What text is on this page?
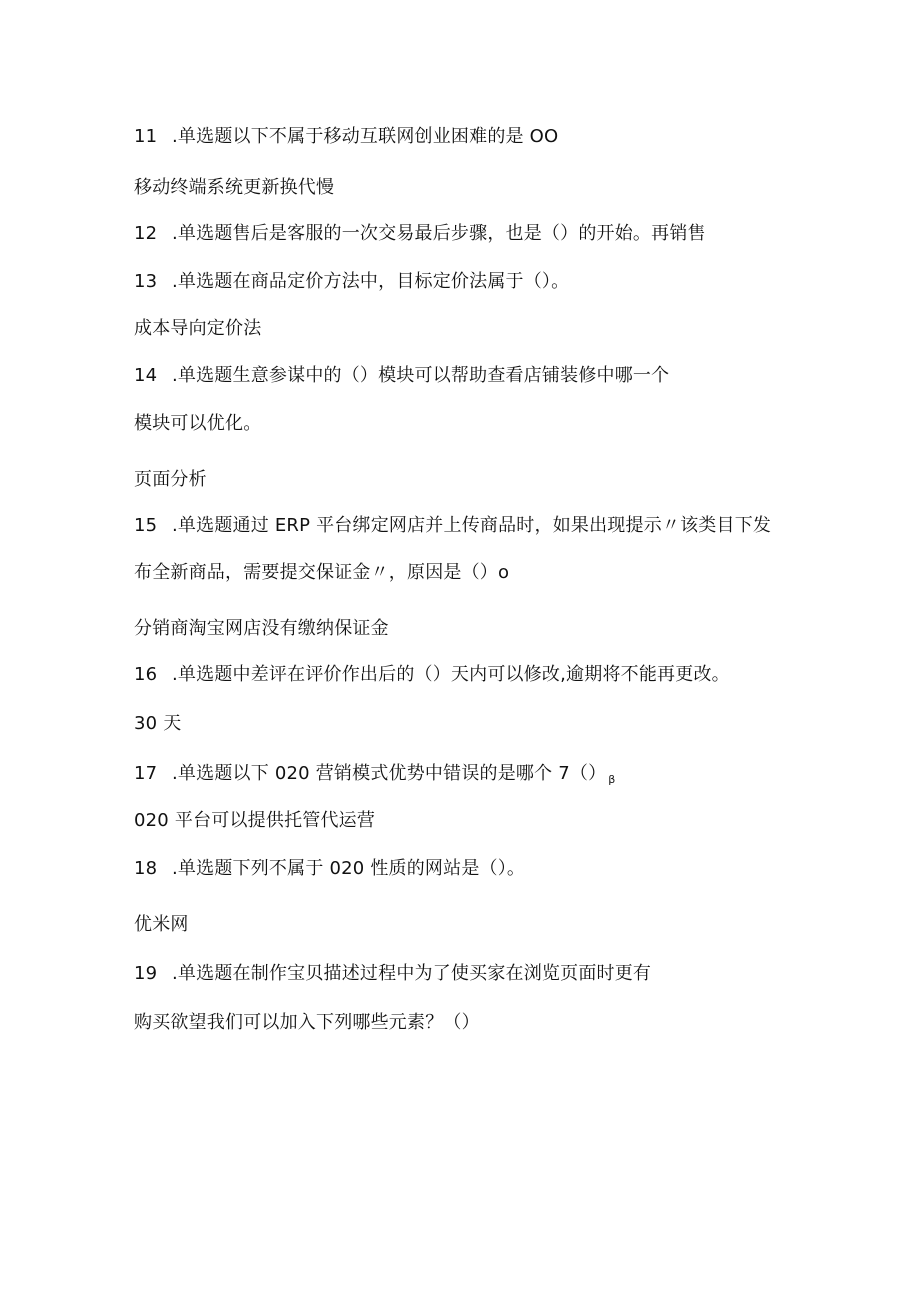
11 .单选题以下不属于移动互联网创业困难的是 OO
移动终端系统更新换代慢
12 .单选题售后是客服的一次交易最后步骤，也是（）的开始。再销售
13 .单选题在商品定价方法中，目标定价法属于（）。
成本导向定价法
14 .单选题生意参谋中的（）模块可以帮助查看店铺装修中哪一个
模块可以优化。
页面分析
15 .单选题通过 ERP 平台绑定网店并上传商品时，如果出现提示〃该类目下发
布全新商品，需要提交保证金〃，原因是（）o
分销商淘宝网店没有缴纳保证金
16 .单选题中差评在评价作出后的（）天内可以修改,逾期将不能再更改。
30 天
17 .单选题以下 020 营销模式优势中错误的是哪个 7（） $_\beta$
020 平台可以提供托管代运营
18 .单选题下列不属于 020 性质的网站是（）。
优米网
19 .单选题在制作宝贝描述过程中为了使买家在浏览页面时更有
购买欲望我们可以加入下列哪些元素？（）
